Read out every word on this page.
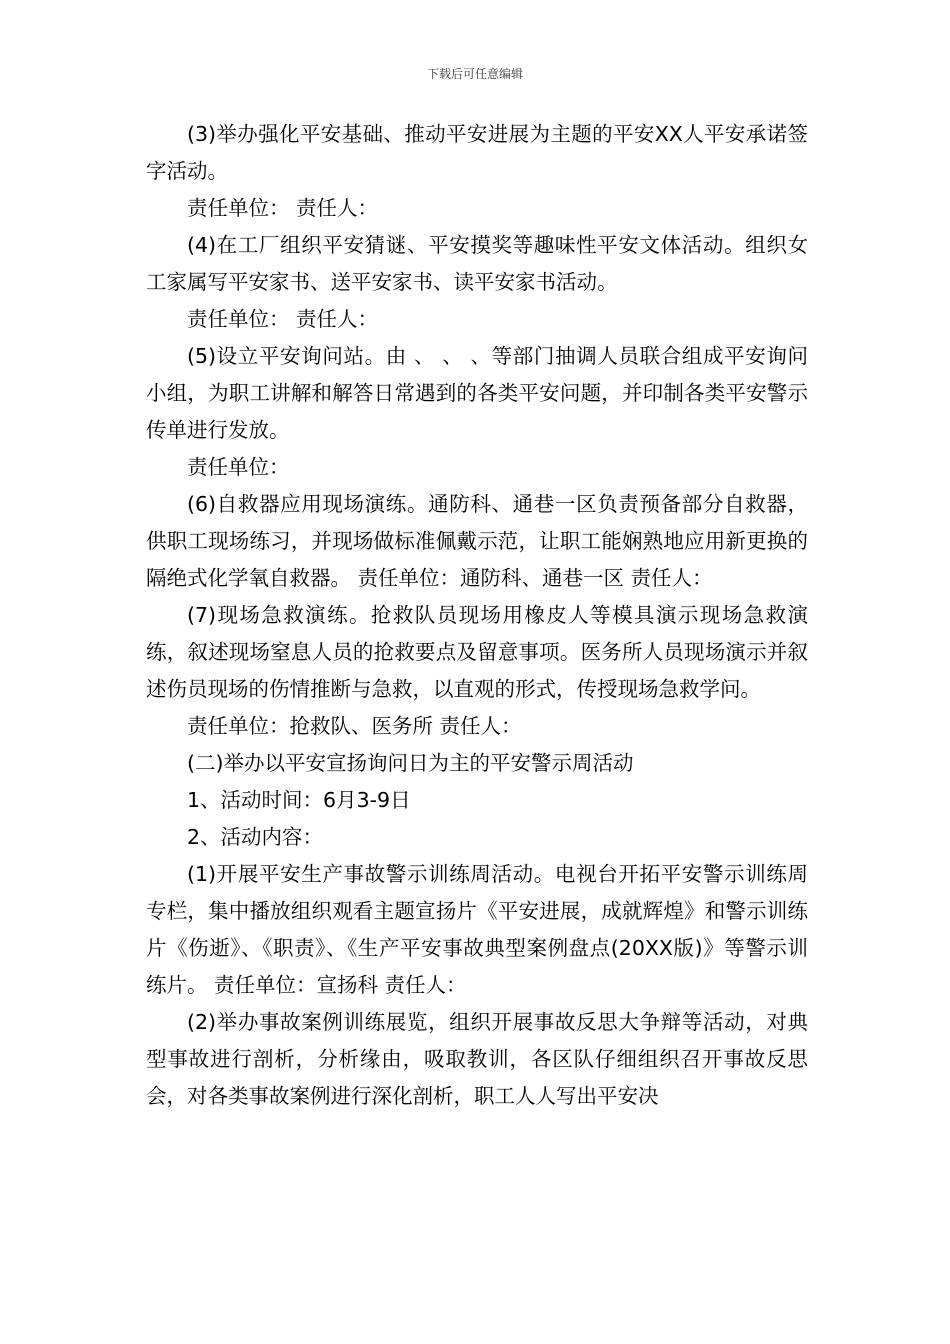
下载后可任意编辑

(3)举办强化平安基础、推动平安进展为主题的平安XX人平安承诺签字活动。

责任单位： 责任人：

(4)在工厂组织平安猜谜、平安摸奖等趣味性平安文体活动。组织女工家属写平安家书、送平安家书、读平安家书活动。

责任单位： 责任人：

(5)设立平安询问站。由 、 、 、等部门抽调人员联合组成平安询问小组，为职工讲解和解答日常遇到的各类平安问题，并印制各类平安警示传单进行发放。

责任单位：

(6)自救器应用现场演练。通防科、通巷一区负责预备部分自救器，供职工现场练习，并现场做标准佩戴示范，让职工能娴熟地应用新更换的隔绝式化学氧自救器。 责任单位：通防科、通巷一区 责任人：

(7)现场急救演练。抢救队员现场用橡皮人等模具演示现场急救演练，叙述现场窒息人员的抢救要点及留意事项。医务所人员现场演示并叙述伤员现场的伤情推断与急救，以直观的形式，传授现场急救学问。

责任单位：抢救队、医务所 责任人：

(二)举办以平安宣扬询问日为主的平安警示周活动

1、活动时间：6月3-9日

2、活动内容：

(1)开展平安生产事故警示训练周活动。电视台开拓平安警示训练周专栏，集中播放组织观看主题宣扬片《平安进展，成就辉煌》和警示训练片《伤逝》、《职责》、《生产平安事故典型案例盘点(20XX版)》等警示训练片。 责任单位：宣扬科 责任人：

(2)举办事故案例训练展览，组织开展事故反思大争辩等活动，对典型事故进行剖析，分析缘由，吸取教训，各区队仔细组织召开事故反思会，对各类事故案例进行深化剖析，职工人人写出平安决
